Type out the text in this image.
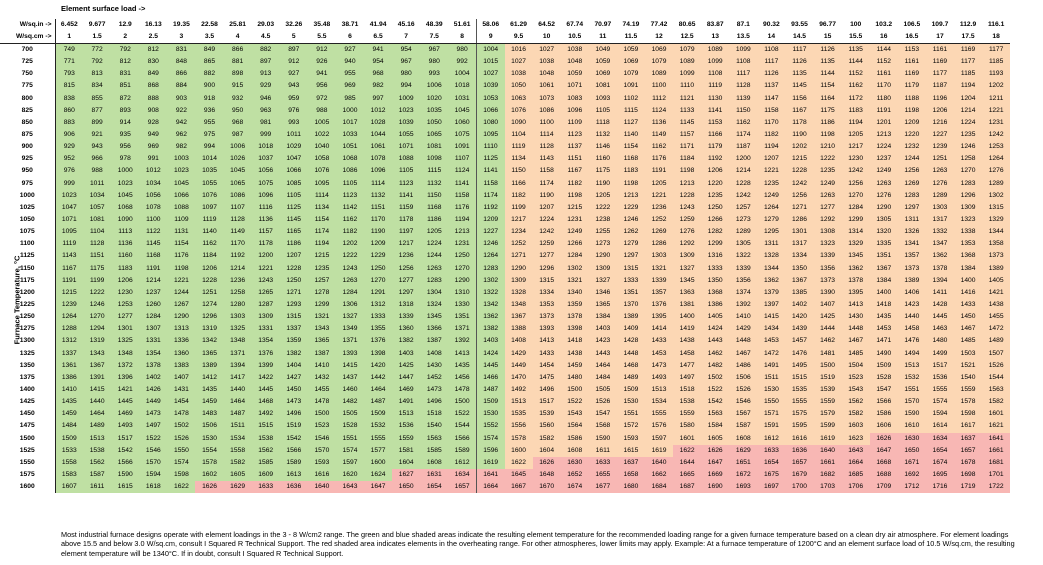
Element surface load ->
Furnace Temperature, °C
W/sq.in ->	6.452	9.677	12.9	16.13	19.35	22.58	25.81	29.03	32.26	35.48	38.71	41.94	45.16	48.39	51.61	58.06	61.29	64.52	67.74	70.97	74.19	77.42	80.65	83.87	87.1	90.32	93.55	96.77	100	103.2	106.5	109.7	112.9	116.1
W/sq.cm ->	1	1.5	2	2.5	3	3.5	4	4.5	5	5.5	6	6.5	7	7.5	8	9	9.5	10	10.5	11	11.5	12	12.5	13	13.5	14	14.5	15	15.5	16	16.5	17	17.5	18
700	749	772	792	812	831	849	866	882	897	912	927	941	954	967	980	1004	1016	1027	1038	1049	1059	1069	1079	1089	1099	1108	1117	1126	1135	1144	1153	1161	1169	1177
725	771	792	812	830	848	865	881	897	912	926	940	954	967	980	992	1015	1027	1038	1048	1059	1069	1079	1089	1099	1108	1117	1126	1135	1144	1152	1161	1169	1177	1185
750	793	813	831	849	866	882	898	913	927	941	955	968	980	993	1004	1027	1038	1048	1059	1069	1079	1089	1099	1108	1117	1126	1135	1144	1152	1161	1169	1177	1185	1193
775	815	834	851	868	884	900	915	929	943	956	969	982	994	1006	1018	1039	1050	1061	1071	1081	1091	1100	1110	1119	1128	1137	1145	1154	1162	1170	1179	1187	1194	1202
800	838	855	872	888	903	918	932	946	959	972	985	997	1009	1020	1031	1053	1063	1073	1083	1093	1102	1112	1121	1130	1139	1147	1156	1164	1172	1180	1188	1196	1204	1211
825	860	877	893	908	922	936	950	963	976	988	1000	1012	1023	1035	1045	1066	1076	1086	1096	1105	1115	1124	1133	1141	1150	1158	1167	1175	1183	1191	1198	1206	1214	1221
850	883	899	914	928	942	955	968	981	993	1005	1017	1028	1039	1050	1060	1080	1090	1100	1109	1118	1127	1136	1145	1153	1162	1170	1178	1186	1194	1201	1209	1216	1224	1231
875	906	921	935	949	962	975	987	999	1011	1022	1033	1044	1055	1065	1075	1095	1104	1114	1123	1132	1140	1149	1157	1166	1174	1182	1190	1198	1205	1213	1220	1227	1235	1242
900	929	943	956	969	982	994	1006	1018	1029	1040	1051	1061	1071	1081	1091	1110	1119	1128	1137	1146	1154	1162	1171	1179	1187	1194	1202	1210	1217	1224	1232	1239	1246	1253
925	952	966	978	991	1003	1014	1026	1037	1047	1058	1068	1078	1088	1098	1107	1125	1134	1143	1151	1160	1168	1176	1184	1192	1200	1207	1215	1222	1230	1237	1244	1251	1258	1264
950	976	988	1000	1012	1023	1035	1045	1056	1066	1076	1086	1096	1105	1115	1124	1141	1150	1158	1167	1175	1183	1191	1198	1206	1214	1221	1228	1235	1242	1249	1256	1263	1270	1276
975	999	1011	1023	1034	1045	1055	1065	1075	1085	1095	1105	1114	1123	1132	1141	1158	1166	1174	1182	1190	1198	1205	1213	1220	1228	1235	1242	1249	1256	1263	1269	1276	1283	1289
1000	1023	1034	1045	1056	1066	1076	1086	1096	1105	1114	1123	1132	1141	1150	1158	1174	1182	1190	1198	1205	1213	1221	1228	1235	1242	1249	1256	1263	1270	1276	1283	1289	1296	1302
1025	1047	1057	1068	1078	1088	1097	1107	1116	1125	1134	1142	1151	1159	1168	1176	1192	1199	1207	1215	1222	1229	1236	1243	1250	1257	1264	1271	1277	1284	1290	1297	1303	1309	1315
1050	1071	1081	1090	1100	1109	1119	1128	1136	1145	1154	1162	1170	1178	1186	1194	1209	1217	1224	1231	1238	1246	1252	1259	1266	1273	1279	1286	1292	1299	1305	1311	1317	1323	1329
1075	1095	1104	1113	1122	1131	1140	1149	1157	1165	1174	1182	1190	1197	1205	1213	1227	1234	1242	1249	1255	1262	1269	1276	1282	1289	1295	1301	1308	1314	1320	1326	1332	1338	1344
1100	1119	1128	1136	1145	1154	1162	1170	1178	1186	1194	1202	1209	1217	1224	1231	1246	1252	1259	1266	1273	1279	1286	1292	1299	1305	1311	1317	1323	1329	1335	1341	1347	1353	1358
1125	1143	1151	1160	1168	1176	1184	1192	1200	1207	1215	1222	1229	1236	1244	1250	1264	1271	1277	1284	1290	1297	1303	1309	1316	1322	1328	1334	1339	1345	1351	1357	1362	1368	1373
1150	1167	1175	1183	1191	1198	1206	1214	1221	1228	1235	1243	1250	1256	1263	1270	1283	1290	1296	1302	1309	1315	1321	1327	1333	1339	1344	1350	1356	1362	1367	1373	1378	1384	1389
1175	1191	1199	1206	1214	1221	1228	1236	1243	1250	1257	1263	1270	1277	1283	1290	1302	1309	1315	1321	1327	1333	1339	1345	1350	1356	1362	1367	1373	1378	1384	1389	1394	1400	1405
1200	1215	1222	1230	1237	1244	1251	1258	1265	1271	1278	1284	1291	1297	1304	1310	1322	1328	1334	1340	1346	1351	1357	1363	1368	1374	1379	1385	1390	1395	1400	1406	1411	1416	1421
1225	1239	1246	1253	1260	1267	1274	1280	1287	1293	1299	1306	1312	1318	1324	1330	1342	1348	1353	1359	1365	1370	1376	1381	1386	1392	1397	1402	1407	1413	1418	1423	1428	1433	1438
1250	1264	1270	1277	1284	1290	1296	1303	1309	1315	1321	1327	1333	1339	1345	1351	1362	1367	1373	1378	1384	1389	1395	1400	1405	1410	1415	1420	1425	1430	1435	1440	1445	1450	1455
1275	1288	1294	1301	1307	1313	1319	1325	1331	1337	1343	1349	1355	1360	1366	1371	1382	1388	1393	1398	1403	1409	1414	1419	1424	1429	1434	1439	1444	1448	1453	1458	1463	1467	1472
1300	1312	1319	1325	1331	1336	1342	1348	1354	1359	1365	1371	1376	1382	1387	1392	1403	1408	1413	1418	1423	1428	1433	1438	1443	1448	1453	1457	1462	1467	1471	1476	1480	1485	1489
1325	1337	1343	1348	1354	1360	1365	1371	1376	1382	1387	1393	1398	1403	1408	1413	1424	1429	1433	1438	1443	1448	1453	1458	1462	1467	1472	1476	1481	1485	1490	1494	1499	1503	1507
1350	1361	1367	1372	1378	1383	1389	1394	1399	1404	1410	1415	1420	1425	1430	1435	1445	1449	1454	1459	1464	1468	1473	1477	1482	1486	1491	1495	1500	1504	1509	1513	1517	1521	1526
1375	1386	1391	1396	1402	1407	1412	1417	1422	1427	1432	1437	1442	1447	1452	1456	1466	1470	1475	1480	1484	1489	1493	1497	1502	1506	1511	1515	1519	1523	1528	1532	1536	1540	1544
1400	1410	1415	1421	1426	1431	1435	1440	1445	1450	1455	1460	1464	1469	1473	1478	1487	1492	1496	1500	1505	1509	1513	1518	1522	1526	1530	1535	1539	1543	1547	1551	1555	1559	1563
1425	1435	1440	1445	1449	1454	1459	1464	1468	1473	1478	1482	1487	1491	1496	1500	1509	1513	1517	1522	1526	1530	1534	1538	1542	1546	1550	1555	1559	1562	1566	1570	1574	1578	1582
1450	1459	1464	1469	1473	1478	1483	1487	1492	1496	1500	1505	1509	1513	1518	1522	1530	1535	1539	1543	1547	1551	1555	1559	1563	1567	1571	1575	1579	1582	1586	1590	1594	1598	1601
1475	1484	1489	1493	1497	1502	1506	1511	1515	1519	1523	1528	1532	1536	1540	1544	1552	1556	1560	1564	1568	1572	1576	1580	1584	1587	1591	1595	1599	1603	1606	1610	1614	1617	1621
1500	1509	1513	1517	1522	1526	1530	1534	1538	1542	1546	1551	1555	1559	1563	1566	1574	1578	1582	1586	1590	1593	1597	1601	1605	1608	1612	1616	1619	1623	1626	1630	1634	1637	1641
1525	1533	1538	1542	1546	1550	1554	1558	1562	1566	1570	1574	1577	1581	1585	1589	1596	1600	1604	1608	1611	1615	1619	1622	1626	1629	1633	1636	1640	1643	1647	1650	1654	1657	1661
1550	1558	1562	1566	1570	1574	1578	1582	1585	1589	1593	1597	1600	1604	1608	1612	1619	1622	1626	1630	1633	1637	1640	1644	1647	1651	1654	1657	1661	1664	1668	1671	1674	1678	1681
1575	1583	1587	1590	1594	1598	1602	1605	1609	1613	1616	1620	1624	1627	1631	1634	1641	1645	1648	1652	1655	1658	1662	1665	1669	1672	1675	1679	1682	1685	1688	1692	1695	1698	1701
1600	1607	1611	1615	1618	1622	1626	1629	1633	1636	1640	1643	1647	1650	1654	1657	1664	1667	1670	1674	1677	1680	1684	1687	1690	1693	1697	1700	1703	1706	1709	1712	1716	1719	1722
Most industrial furnace designs operate with element loadings in the 3 - 8 W/cm2 range. The green and blue shaded areas indicate the resulting element temperature for the recommended loading range for a given furnace temperature based on a clean dry air atmosphere. For element loadings above 15.5 and below 3.0 W/sq.cm, consult I Squared R Technical Support. The red shaded area indicates elements in the overheating range. For other atmospheres, lower limits may apply. Example: At a furnace temperature of 1200°C and an element surface load of 10.5 W/sq.cm, the resulting element temperature will be 1340°C. If in doubt, consult I Squared R Technical Support.
